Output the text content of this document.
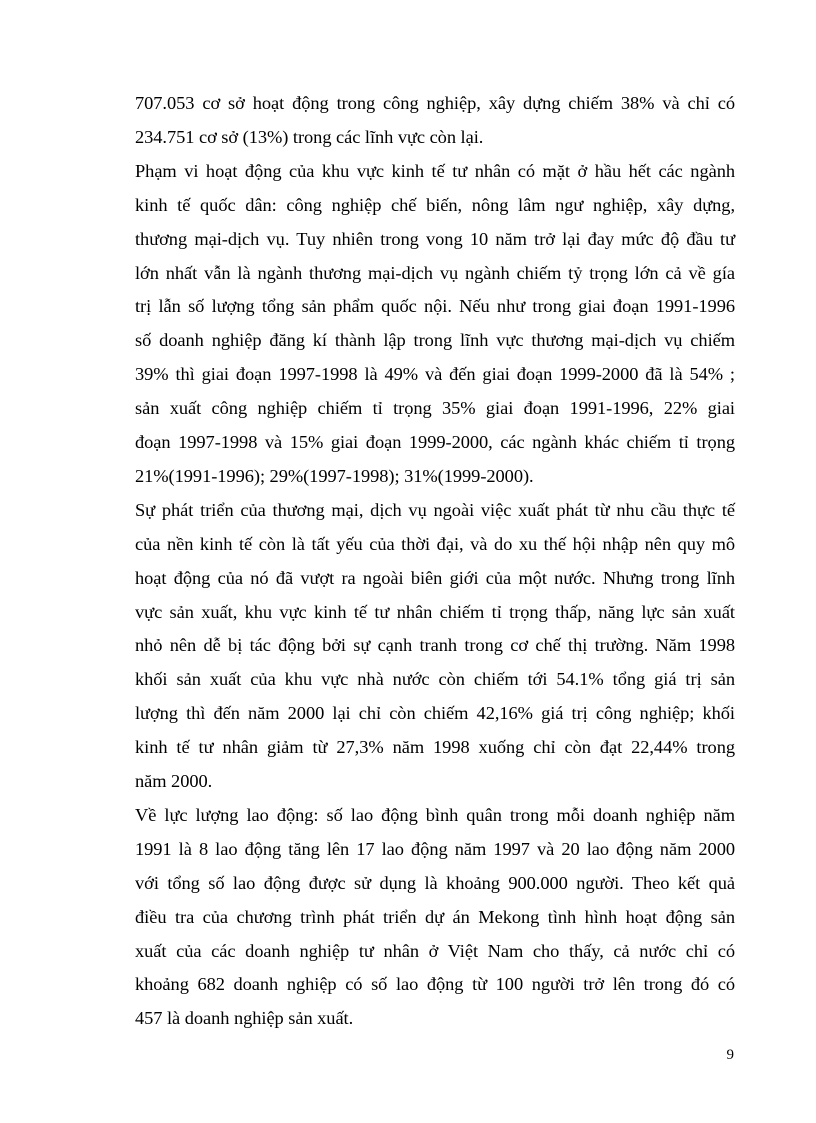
707.053 cơ sở hoạt động trong công nghiệp, xây dựng chiếm 38% và chỉ có
234.751 cơ sở (13%) trong các lĩnh vực còn lại.
Phạm vi hoạt động của khu vực kinh tế tư nhân có mặt ở hầu hết các ngành
kinh tế quốc dân: công nghiệp chế biến, nông lâm ngư nghiệp, xây dựng,
thương mại-dịch vụ. Tuy nhiên trong vong 10 năm trở lại đay mức độ đầu tư
lớn nhất vẫn là ngành thương mại-dịch vụ ngành chiếm tỷ trọng lớn cả về gía
trị lẫn số lượng tổng sản phẩm quốc nội. Nếu như trong giai đoạn 1991-1996
số doanh nghiệp đăng kí thành lập trong lĩnh vực thương mại-dịch vụ chiếm
39% thì giai đoạn 1997-1998 là 49% và đến giai đoạn 1999-2000 đã là 54% ;
sản xuất công nghiệp chiếm tỉ trọng 35% giai đoạn 1991-1996, 22% giai
đoạn 1997-1998 và 15% giai đoạn 1999-2000, các ngành khác chiếm tỉ trọng
21%(1991-1996); 29%(1997-1998); 31%(1999-2000).
Sự phát triển của thương mại, dịch vụ ngoài việc xuất phát từ nhu cầu thực tế
của nền kinh tế còn là tất yếu của thời đại, và do xu thế hội nhập nên quy mô
hoạt động của nó đã vượt ra ngoài biên giới của một nước. Nhưng trong lĩnh
vực sản xuất, khu vực kinh tế tư nhân chiếm tỉ trọng thấp, năng lực sản xuất
nhỏ nên dễ bị tác động bởi sự cạnh tranh trong cơ chế thị trường. Năm 1998
khối sản xuất của khu vực nhà nước còn chiếm tới 54.1% tổng giá trị sản
lượng thì đến năm 2000 lại chỉ còn chiếm 42,16% giá trị công nghiệp; khối
kinh tế tư nhân giảm từ 27,3% năm 1998 xuống chỉ còn đạt 22,44% trong
năm 2000.
Về lực lượng lao động: số lao động bình quân trong mỗi doanh nghiệp năm
1991 là 8 lao động tăng lên 17 lao động năm 1997 và 20 lao động năm 2000
với tổng số lao động được sử dụng là khoảng 900.000 người. Theo kết quả
điều tra của chương trình phát triển dự án Mekong tình hình hoạt động sản
xuất của các doanh nghiệp tư nhân ở Việt Nam cho thấy, cả nước chỉ có
khoảng 682 doanh nghiệp có số lao động từ 100 người trở lên trong đó có
457 là doanh nghiệp sản xuất.
9
